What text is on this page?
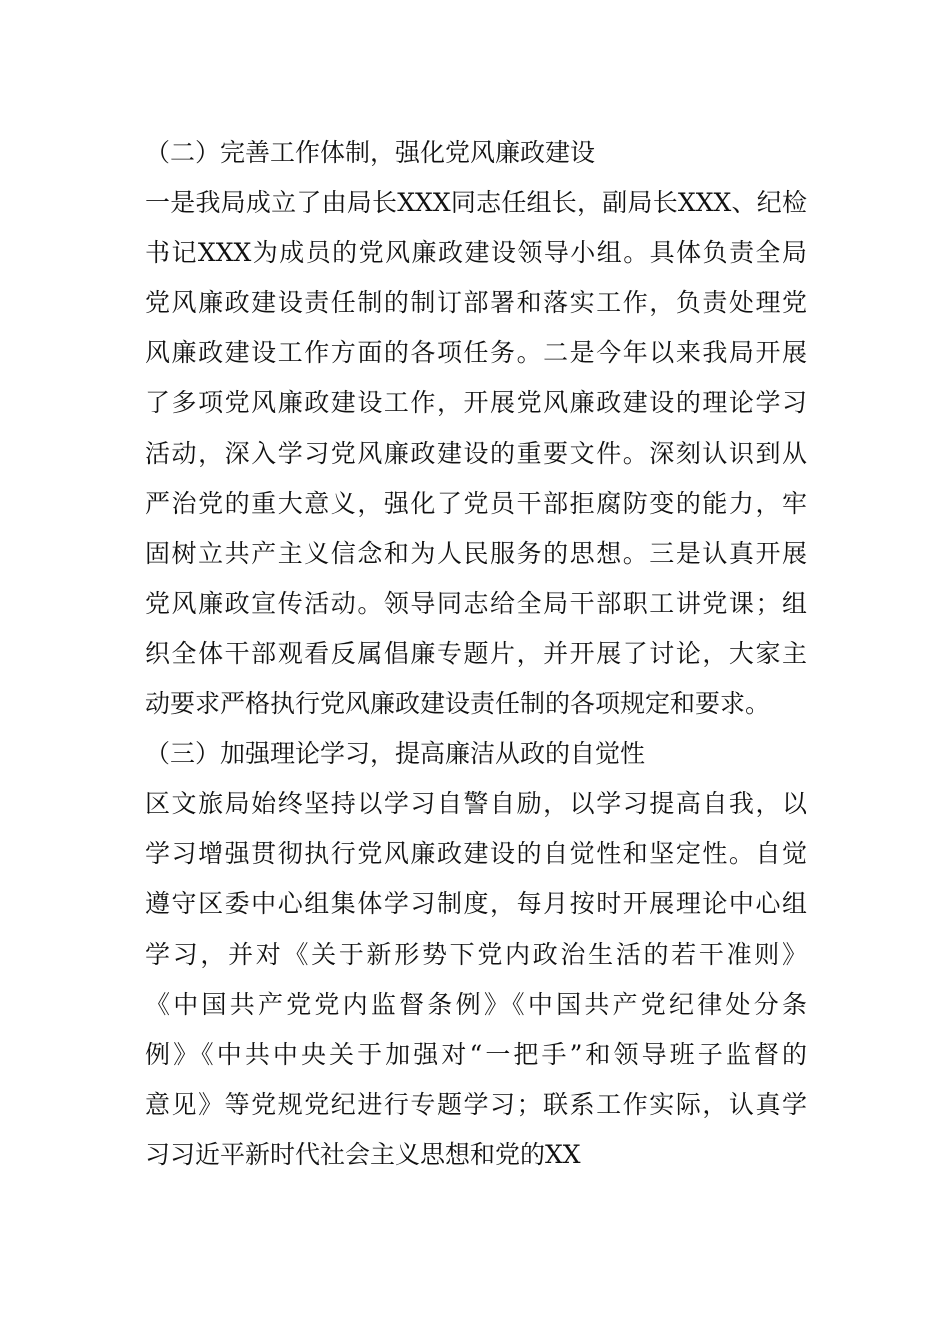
（二）完善工作体制，强化党风廉政建设
一是我局成立了由局长XXX同志任组长，副局长XXX、纪检
书记XXX为成员的党风廉政建设领导小组。具体负责全局
党风廉政建设责任制的制订部署和落实工作，负责处理党
风廉政建设工作方面的各项任务。二是今年以来我局开展
了多项党风廉政建设工作，开展党风廉政建设的理论学习
活动，深入学习党风廉政建设的重要文件。深刻认识到从
严治党的重大意义，强化了党员干部拒腐防变的能力，牢
固树立共产主义信念和为人民服务的思想。三是认真开展
党风廉政宣传活动。领导同志给全局干部职工讲党课；组
织全体干部观看反属倡廉专题片，并开展了讨论，大家主
动要求严格执行党风廉政建设责任制的各项规定和要求。
（三）加强理论学习，提高廉洁从政的自觉性
区文旅局始终坚持以学习自警自励，以学习提高自我，以
学习增强贯彻执行党风廉政建设的自觉性和坚定性。自觉
遵守区委中心组集体学习制度，每月按时开展理论中心组
学习，并对《关于新形势下党内政治生活的若干准则》
《中国共产党党内监督条例》《中国共产党纪律处分条
例》《中共中央关于加强对“一把手”和领导班子监督的
意见》等党规党纪进行专题学习；联系工作实际，认真学
习习近平新时代社会主义思想和党的XX
